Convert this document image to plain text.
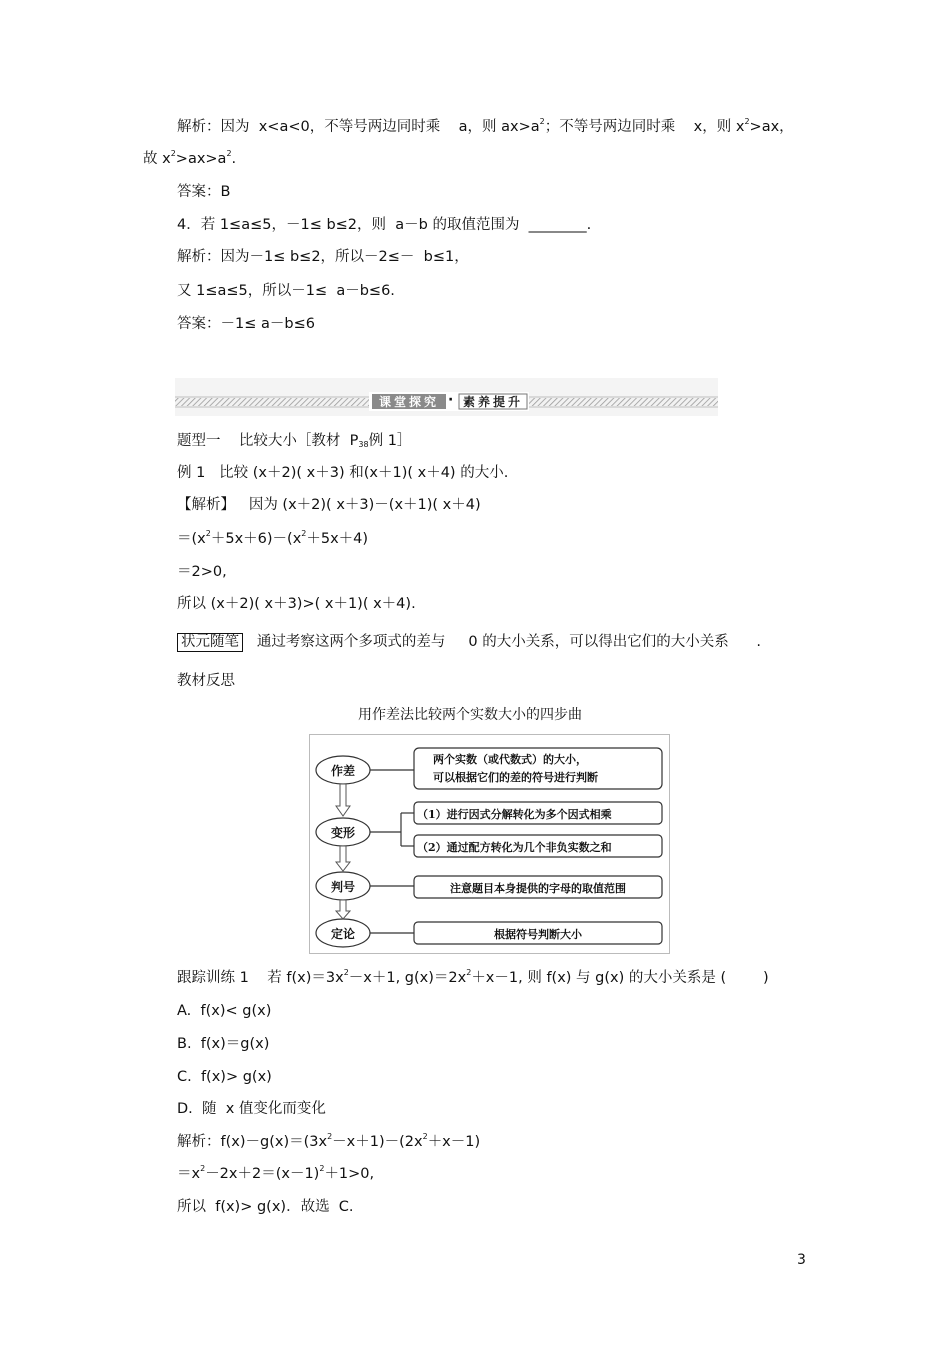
解析：因为  x<a<0，不等号两边同时乘    a，则 $ax>a^2$；不等号两边同时乘    x，则 $x^2>ax$，
故 $x^2>ax>a^2$.
答案：B
4．若 1≤a≤5，－1≤ b≤2，则  a－b 的取值范围为  ________.
解析：因为－1≤ b≤2，所以－2≤－  b≤1，
又 1≤a≤5，所以－1≤  a－b≤6.
答案：－1≤ a－b≤6
课堂探究 · 素养提升
题型一    比较大小［教材  $P_{38}$例 1］
例 1   比较 (x＋2)( x＋3) 和(x＋1)( x＋4) 的大小.
【解析】   因为 (x＋2)( x＋3)－(x＋1)( x＋4)
$=(x^2+5x+6)-(x^2+5x+4)$
＝2>0,
所以 (x＋2)( x＋3)>( x＋1)( x＋4).
状元随笔   通过考察这两个多项式的差与     0 的大小关系，可以得出它们的大小关系      .
教材反思
用作差法比较两个实数大小的四步曲
作差
变形
判号
定论
两个实数（或代数式）的大小，
可以根据它们的差的符号进行判断
（1）进行因式分解转化为多个因式相乘
（2）通过配方转化为几个非负实数之和
注意题目本身提供的字母的取值范围
根据符号判断大小
跟踪训练 1    若 $f(x)=3x^2-x+1$, $g(x)=2x^2+x-1$, 则 f(x) 与 g(x) 的大小关系是 (        )
A.  f(x)< g(x)
B.  f(x)＝g(x)
C.  f(x)> g(x)
D.  随  x 值变化而变化
解析：$f(x)-g(x)=(3x^2-x+1)-(2x^2+x-1)$
$=x^2-2x+2=(x-1)^2+1>0$,
所以  f(x)> g(x)．故选  C.
3
